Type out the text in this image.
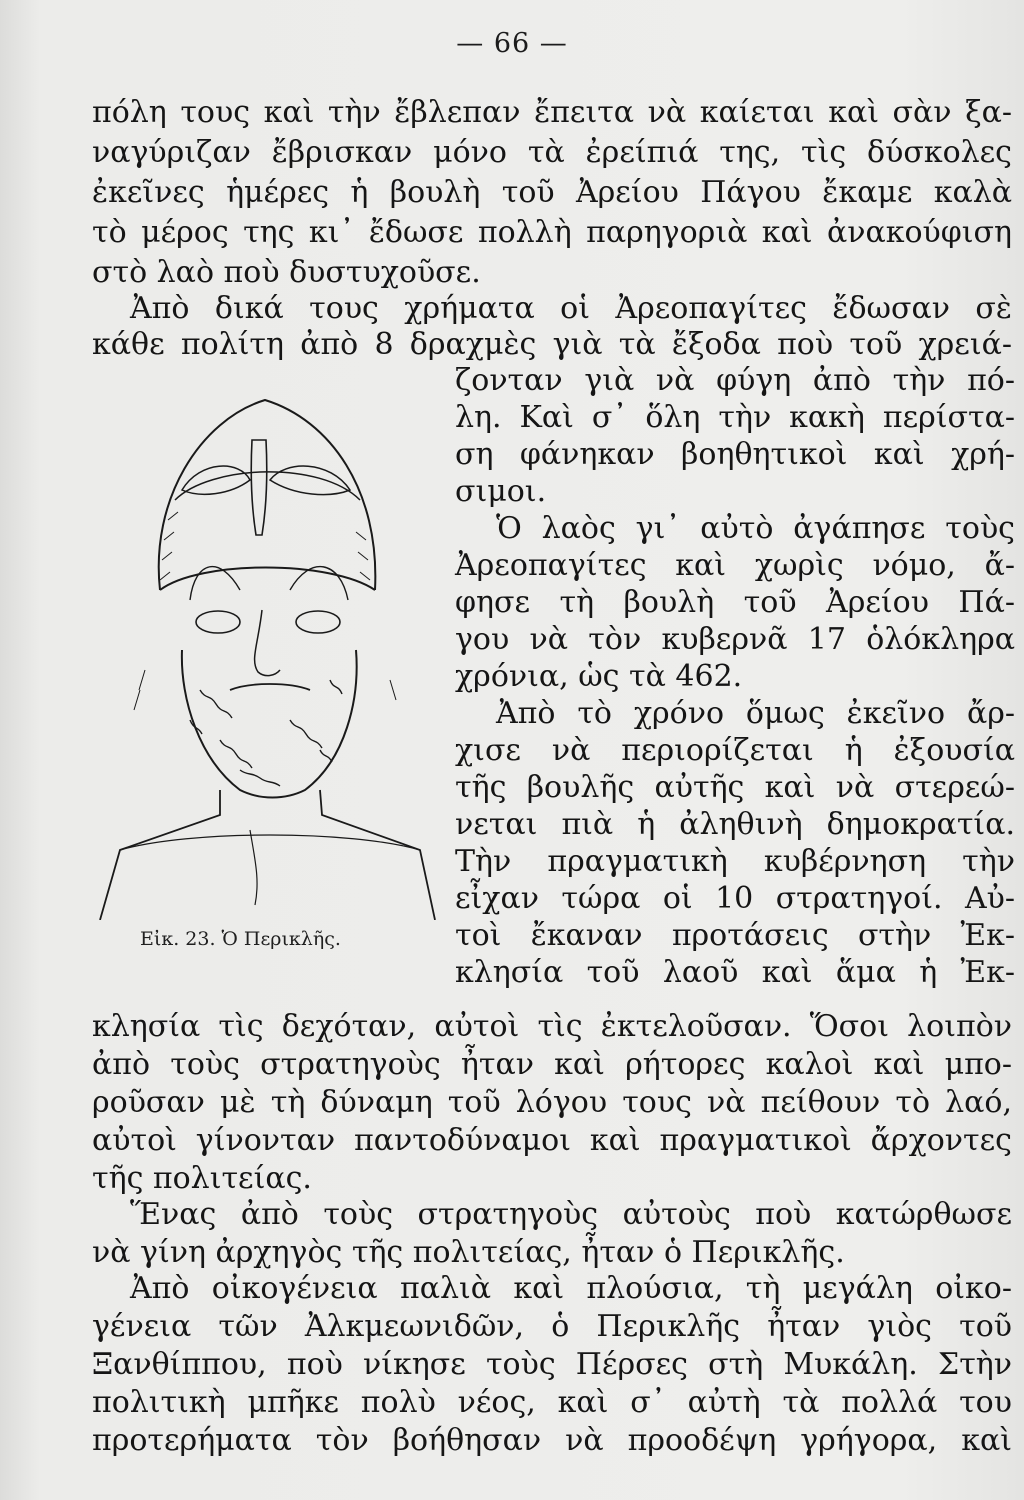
— 66 —
πόλη τους καὶ τὴν ἔβλεπαν ἔπειτα νὰ καίεται καὶ σὰν ξα-
ναγύριζαν ἔβρισκαν μόνο τὰ ἐρείπιά της, τὶς δύσκολες
ἐκεῖνες ἡμέρες ἡ βουλὴ τοῦ Ἀρείου Πάγου ἔκαμε καλὰ
τὸ μέρος της κι᾿ ἔδωσε πολλὴ παρηγοριὰ καὶ ἀνακούφιση
στὸ λαὸ ποὺ δυστυχοῦσε.
Ἀπὸ δικά τους χρήματα οἱ Ἀρεοπαγίτες ἔδωσαν σὲ
κάθε πολίτη ἀπὸ 8 δραχμὲς γιὰ τὰ ἔξοδα ποὺ τοῦ χρειά-
Εἰκ. 23. Ὁ Περικλῆς.
ζονταν γιὰ νὰ φύγη ἀπὸ τὴν πό-
λη. Καὶ σ᾿ ὅλη τὴν κακὴ περίστα-
ση φάνηκαν βοηθητικοὶ καὶ χρή-
σιμοι.
Ὁ λαὸς γι᾿ αὐτὸ ἀγάπησε τοὺς
Ἀρεοπαγίτες καὶ χωρὶς νόμο, ἄ-
φησε τὴ βουλὴ τοῦ Ἀρείου Πά-
γου νὰ τὸν κυβερνᾶ 17 ὁλόκληρα
χρόνια, ὡς τὰ 462.
Ἀπὸ τὸ χρόνο ὅμως ἐκεῖνο ἄρ-
χισε νὰ περιορίζεται ἡ ἐξουσία
τῆς βουλῆς αὐτῆς καὶ νὰ στερεώ-
νεται πιὰ ἡ ἀληθινὴ δημοκρατία.
Τὴν πραγματικὴ κυβέρνηση τὴν
εἶχαν τώρα οἱ 10 στρατηγοί. Αὐ-
τοὶ ἔκαναν προτάσεις στὴν Ἐκ-
κλησία τοῦ λαοῦ καὶ ἅμα ἡ Ἐκ-
κλησία τὶς δεχόταν, αὐτοὶ τὶς ἐκτελοῦσαν. Ὅσοι λοιπὸν
ἀπὸ τοὺς στρατηγοὺς ἦταν καὶ ρήτορες καλοὶ καὶ μπο-
ροῦσαν μὲ τὴ δύναμη τοῦ λόγου τους νὰ πείθουν τὸ λαό,
αὐτοὶ γίνονταν παντοδύναμοι καὶ πραγματικοὶ ἄρχοντες
τῆς πολιτείας.
Ἕνας ἀπὸ τοὺς στρατηγοὺς αὐτοὺς ποὺ κατώρθωσε
νὰ γίνη ἀρχηγὸς τῆς πολιτείας, ἦταν ὁ Περικλῆς.
Ἀπὸ οἰκογένεια παλιὰ καὶ πλούσια, τὴ μεγάλη οἰκο-
γένεια τῶν Ἀλκμεωνιδῶν, ὁ Περικλῆς ἦταν γιὸς τοῦ
Ξανθίππου, ποὺ νίκησε τοὺς Πέρσες στὴ Μυκάλη. Στὴν
πολιτικὴ μπῆκε πολὺ νέος, καὶ σ᾿ αὐτὴ τὰ πολλά του
προτερήματα τὸν βοήθησαν νὰ προοδέψη γρήγορα, καὶ
